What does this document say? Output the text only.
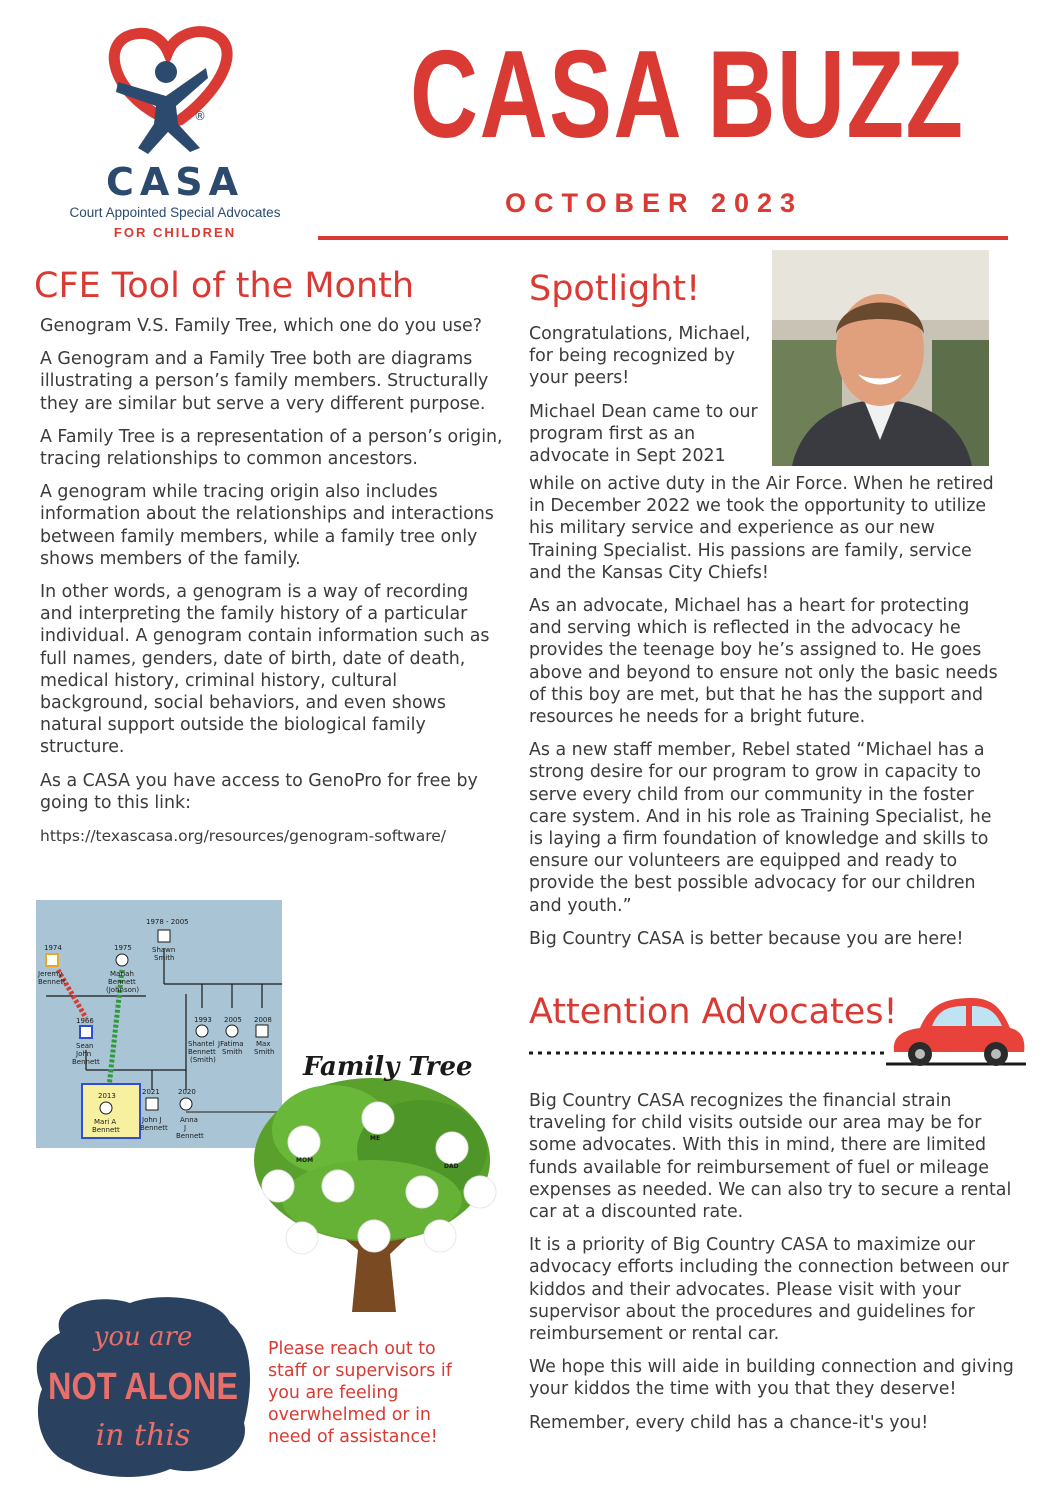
®
CASA
Court Appointed Special Advocates
FOR CHILDREN
CASA BUZZ
OCTOBER 2023
CFE Tool of the Month

Genogram V.S. Family Tree, which one do you use?

A Genogram and a Family Tree both are diagrams illustrating a person’s family members. Structurally they are similar but serve a very different purpose.

A Family Tree is a representation of a person’s origin, tracing relationships to common ancestors.

A genogram while tracing origin also includes information about the relationships and interactions between family members, while a family tree only shows members of the family.

In other words, a genogram is a way of recording and interpreting the family history of a particular individual. A genogram contain information such as full names, genders, date of birth, date of death, medical history, criminal history, cultural background, social behaviors, and even shows natural support outside the biological family structure.

As a CASA you have access to GenoPro for free by going to this link:

https://texascasa.org/resources/genogram-software/

1974
Jeremy
Bennett
1975
Mariah
Bennett
(Johnson)
1978 - 2005
Shawn
Smith
1966
Sean
John
Bennett
1993
Shantel
Bennett
(Smith)
2005
JFatima
Smith
2008
Max
Smith
2013
Mari A
Bennett
2021
John J
Bennett
2020
Anna
J
Bennett	ME
MOM
DAD
Family Tree
you are
NOT ALONE
in this
Please reach out to staff or supervisors if you are feeling overwhelmed or in need of assistance!
Spotlight!

Congratulations, Michael, for being recognized by your peers!

Michael Dean came to our program first as an advocate in Sept 2021

while on active duty in the Air Force. When he retired in December 2022 we took the opportunity to utilize his military service and experience as our new Training Specialist. His passions are family, service and the Kansas City Chiefs!

As an advocate, Michael has a heart for protecting and serving which is reflected in the advocacy he provides the teenage boy he’s assigned to. He goes above and beyond to ensure not only the basic needs of this boy are met, but that he has the support and resources he needs for a bright future.

As a new staff member, Rebel stated “Michael has a strong desire for our program to grow in capacity to serve every child from our community in the foster care system. And in his role as Training Specialist, he is laying a firm foundation of knowledge and skills to ensure our volunteers are equipped and ready to provide the best possible advocacy for our children and youth.”

Big Country CASA is better because you are here!

Attention Advocates!

Big Country CASA recognizes the financial strain traveling for child visits outside our area may be for some advocates. With this in mind, there are limited funds available for reimbursement of fuel or mileage expenses as needed. We can also try to secure a rental car at a discounted rate.

It is a priority of Big Country CASA to maximize our advocacy efforts including the connection between our kiddos and their advocates. Please visit with your supervisor about the procedures and guidelines for reimbursement or rental car.

We hope this will aide in building connection and giving your kiddos the time with you that they deserve!

Remember, every child has a chance-it's you!
